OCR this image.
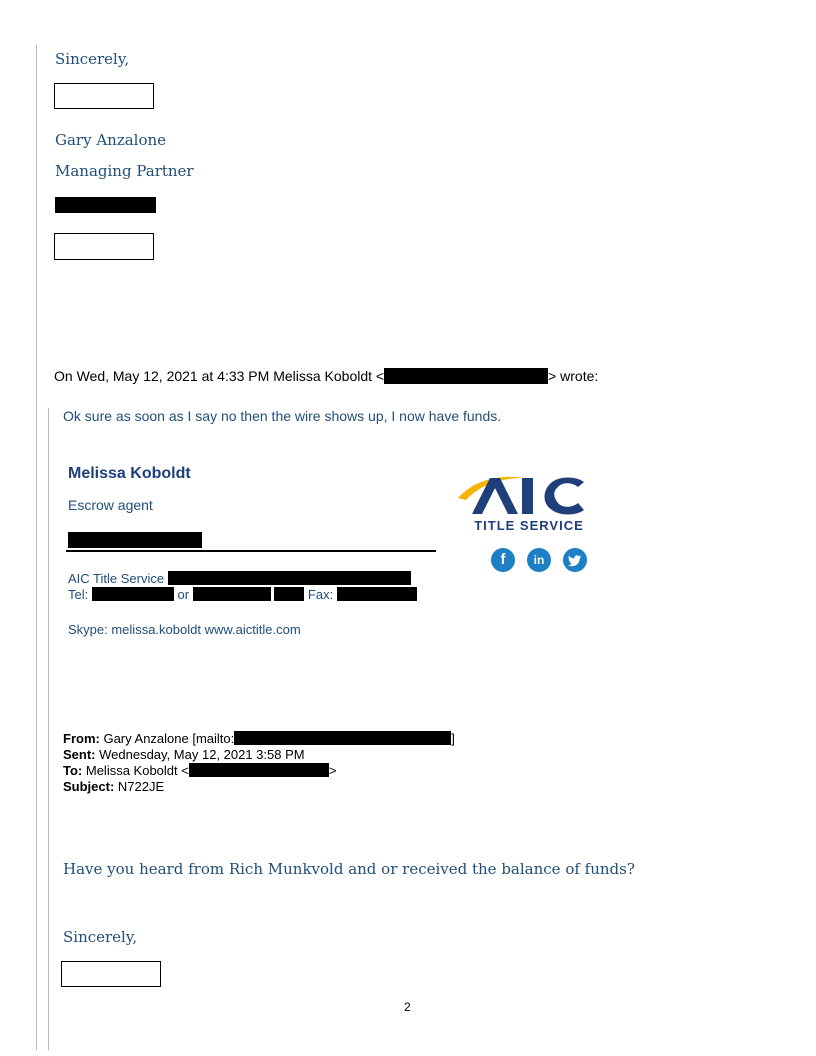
Sincerely,
Gary Anzalone
Managing Partner
On Wed, May 12, 2021 at 4:33 PM Melissa Koboldt <	> wrote:
Ok sure as soon as I say no then the wire shows up, I now have funds.
Melissa Koboldt
Escrow agent
AIC Title Service
Tel:	or	Fax:
Skype: melissa.koboldt www.aictitle.com
TITLE SERVICE
f	in
From: Gary Anzalone [mailto:	]
Sent: Wednesday, May 12, 2021 3:58 PM
To: Melissa Koboldt <	>
Subject: N722JE
Have you heard from Rich Munkvold and or received the balance of funds?
Sincerely,
2
